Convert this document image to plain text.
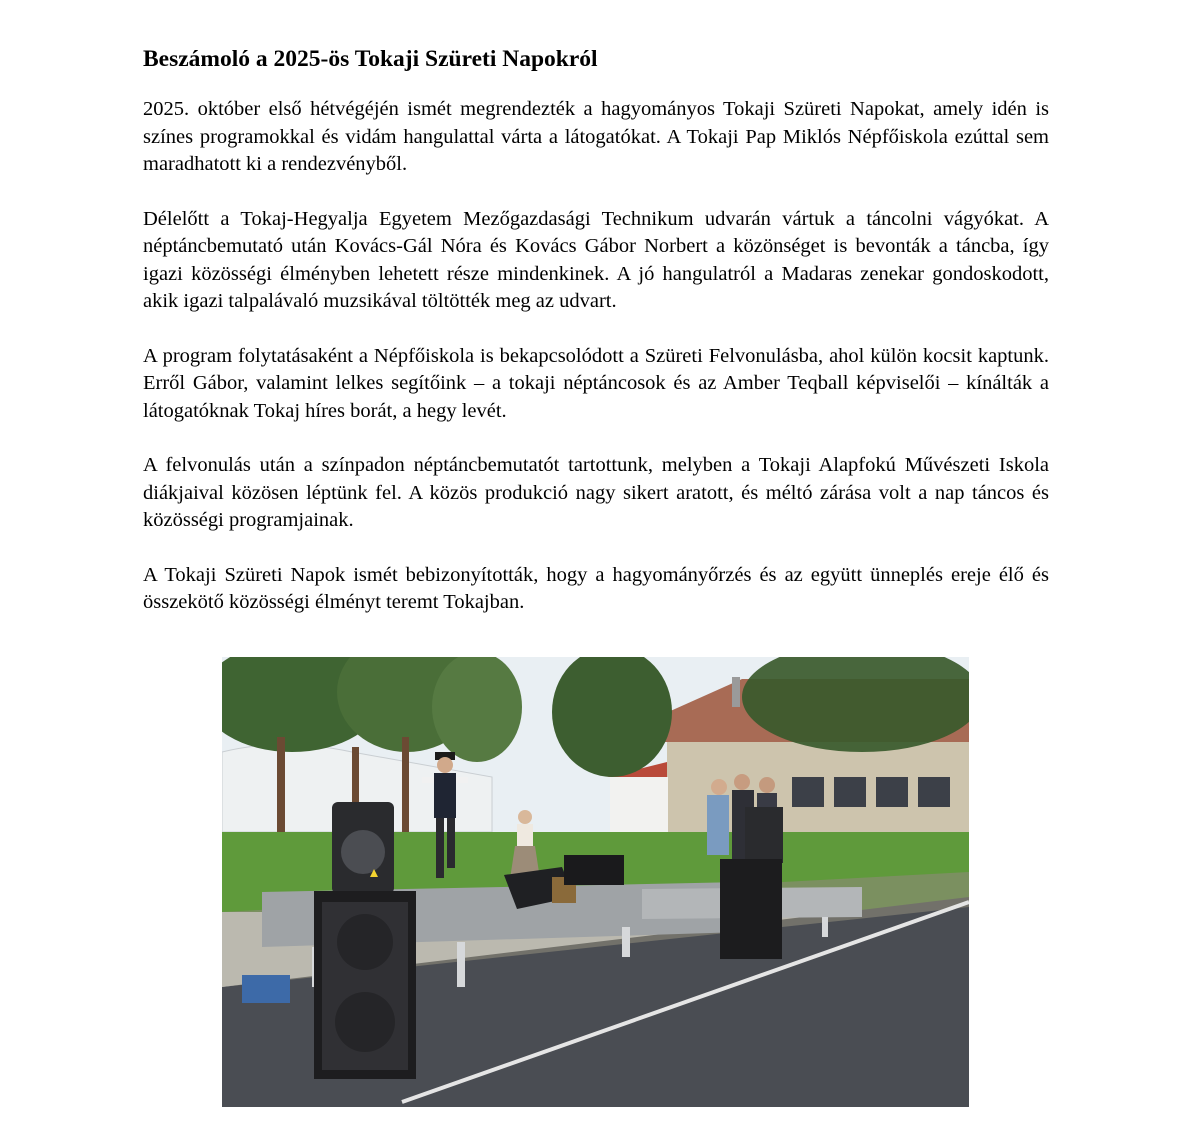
Beszámoló a 2025-ös Tokaji Szüreti Napokról

2025. október első hétvégéjén ismét megrendezték a hagyományos Tokaji Szüreti Napokat, amely idén is színes programokkal és vidám hangulattal várta a látogatókat. A Tokaji Pap Miklós Népfőiskola ezúttal sem maradhatott ki a rendezvényből.

Délelőtt a Tokaj-Hegyalja Egyetem Mezőgazdasági Technikum udvarán vártuk a táncolni vágyókat. A néptáncbemutató után Kovács-Gál Nóra és Kovács Gábor Norbert a közönséget is bevonták a táncba, így igazi közösségi élményben lehetett része mindenkinek. A jó hangulatról a Madaras zenekar gondoskodott, akik igazi talpalávaló muzsikával töltötték meg az udvart.

A program folytatásaként a Népfőiskola is bekapcsolódott a Szüreti Felvonulásba, ahol külön kocsit kaptunk. Erről Gábor, valamint lelkes segítőink – a tokaji néptáncosok és az Amber Teqball képviselői – kínálták a látogatóknak Tokaj híres borát, a hegy levét.

A felvonulás után a színpadon néptáncbemutatót tartottunk, melyben a Tokaji Alapfokú Művészeti Iskola diákjaival közösen léptünk fel. A közös produkció nagy sikert aratott, és méltó zárása volt a nap táncos és közösségi programjainak.

A Tokaji Szüreti Napok ismét bebizonyították, hogy a hagyományőrzés és az együtt ünneplés ereje élő és összekötő közösségi élményt teremt Tokajban.
